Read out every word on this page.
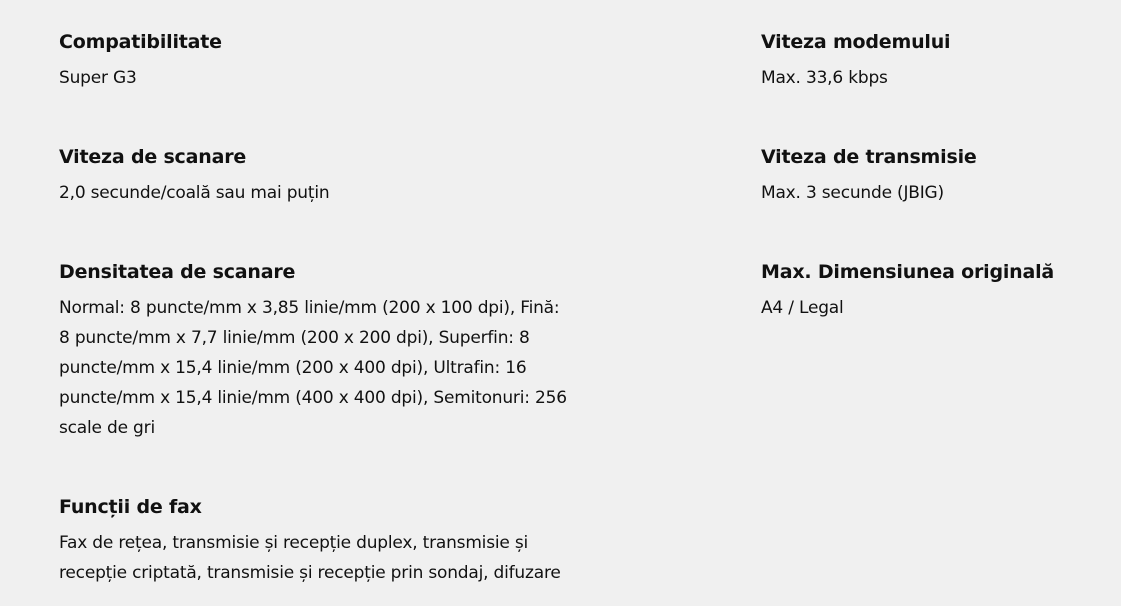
Compatibilitate
Super G3
Viteza de scanare
2,0 secunde/coală sau mai puțin
Densitatea de scanare
Normal: 8 puncte/mm x 3,85 linie/mm (200 x 100 dpi), Fină:
8 puncte/mm x 7,7 linie/mm (200 x 200 dpi), Superfin: 8
puncte/mm x 15,4 linie/mm (200 x 400 dpi), Ultrafin: 16
puncte/mm x 15,4 linie/mm (400 x 400 dpi), Semitonuri: 256
scale de gri
Funcții de fax
Fax de rețea, transmisie și recepție duplex, transmisie și
recepție criptată, transmisie și recepție prin sondaj, difuzare
Viteza modemului
Max. 33,6 kbps
Viteza de transmisie
Max. 3 secunde (JBIG)
Max. Dimensiunea originală
A4 / Legal
